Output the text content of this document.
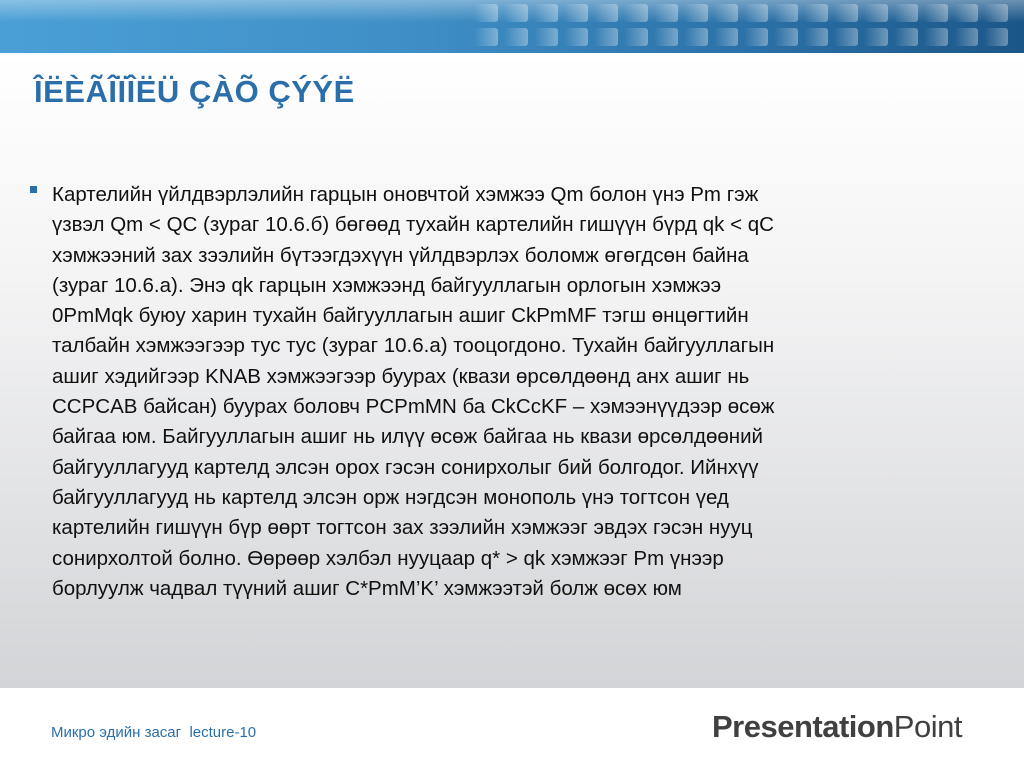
ÎËÈÃÎÏÎËÜ ÇÀÕ ÇÝÝË
Картелийн үйлдвэрлэлийн гарцын оновчтой хэмжээ Qm болон үнэ Pm гэж
үзвэл Qm < QC (зураг 10.6.б) бөгөөд тухайн картелийн гишүүн бүрд qk < qC
хэмжээний зах зээлийн бүтээгдэхүүн үйлдвэрлэх боломж өгөгдсөн байна
(зураг 10.6.а). Энэ qk гарцын хэмжээнд байгууллагын орлогын хэмжээ
0PmMqk буюу харин тухайн байгууллагын ашиг CkPmMF тэгш өнцөгтийн
талбайн хэмжээгээр тус тус (зураг 10.6.а) тооцогдоно. Тухайн байгууллагын
ашиг хэдийгээр KNAB хэмжээгээр буурах (квази өрсөлдөөнд анх ашиг нь
CCPCAB байсан) буурах боловч PCPmMN ба CkCcKF – хэмээнүүдээр өсөж
байгаа юм. Байгууллагын ашиг нь илүү өсөж байгаа нь квази өрсөлдөөний
байгууллагууд картелд элсэн орох гэсэн сонирхолыг бий болгодог. Ийнхүү
байгууллагууд нь картелд элсэн орж нэгдсэн монополь үнэ тогтсон үед
картелийн гишүүн бүр өөрт тогтсон зах зээлийн хэмжээг эвдэх гэсэн нууц
сонирхолтой болно. Өөрөөр хэлбэл нууцаар q* > qk хэмжээг Pm үнээр
борлуулж чадвал түүний ашиг C*PmM’K’ хэмжээтэй болж өсөх юм
Микро эдийн засаг  lecture-10	PresentationPoint
